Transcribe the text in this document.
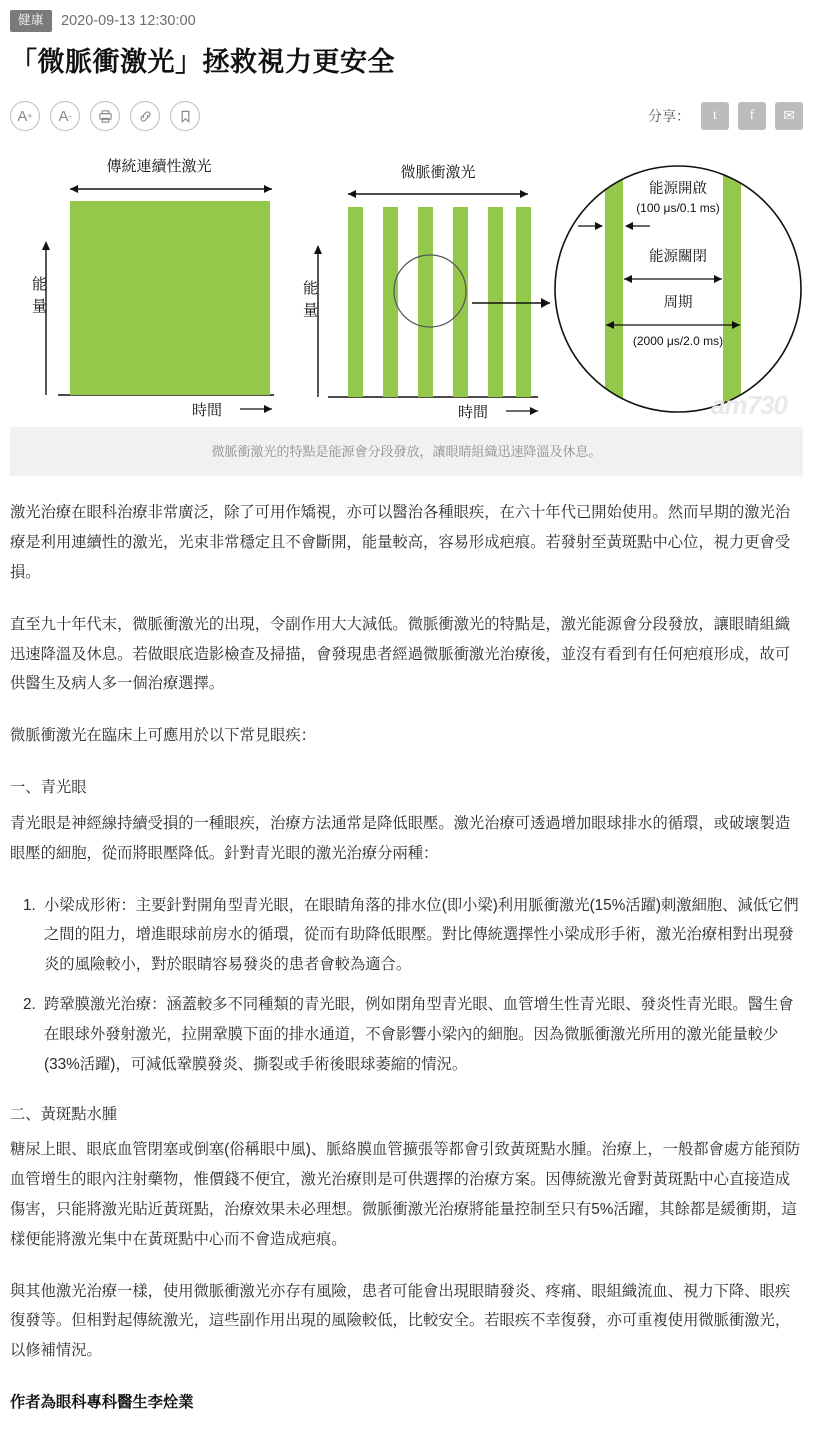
健康	2020-09-13 12:30:00
「微脈衝激光」拯救視力更安全
A + A -	分享：	t	f	✉
傳統連續性激光
能
量
時間
微脈衝激光
能
量
時間
能源開啟
(100 μs/0.1 ms)
能源關閉
周期
(2000 μs/2.0 ms)
am730
微脈衝激光的特點是能源會分段發放，讓眼睛組織迅速降溫及休息。

激光治療在眼科治療非常廣泛，除了可用作矯視，亦可以醫治各種眼疾，在六十年代已開始使用。然而早期的激光治療是利用連續性的激光，光束非常穩定且不會斷開，能量較高，容易形成疤痕。若發射至黃斑點中心位，視力更會受損。

直至九十年代末，微脈衝激光的出現，令副作用大大減低。微脈衝激光的特點是，激光能源會分段發放，讓眼睛組織迅速降溫及休息。若做眼底造影檢查及掃描，會發現患者經過微脈衝激光治療後，並沒有看到有任何疤痕形成，故可供醫生及病人多一個治療選擇。

微脈衝激光在臨床上可應用於以下常見眼疾：

一、青光眼

青光眼是神經線持續受損的一種眼疾，治療方法通常是降低眼壓。激光治療可透過增加眼球排水的循環，或破壞製造眼壓的細胞，從而將眼壓降低。針對青光眼的激光治療分兩種：

1. 小梁成形術：主要針對開角型青光眼，在眼睛角落的排水位(即小梁)利用脈衝激光(15%活躍)刺激細胞、減低它們之間的阻力，增進眼球前房水的循環，從而有助降低眼壓。對比傳統選擇性小梁成形手術，激光治療相對出現發炎的風險較小，對於眼睛容易發炎的患者會較為適合。
2. 跨鞏膜激光治療：涵蓋較多不同種類的青光眼，例如閉角型青光眼、血管增生性青光眼、發炎性青光眼。醫生會在眼球外發射激光，拉開鞏膜下面的排水通道，不會影響小梁內的細胞。因為微脈衝激光所用的激光能量較少(33%活躍)，可減低鞏膜發炎、撕裂或手術後眼球萎縮的情況。
二、黃斑點水腫

糖尿上眼、眼底血管閉塞或倒塞(俗稱眼中風)、脈絡膜血管擴張等都會引致黃斑點水腫。治療上，一般都會處方能預防血管增生的眼內注射藥物，惟價錢不便宜，激光治療則是可供選擇的治療方案。因傳統激光會對黃斑點中心直接造成傷害，只能將激光貼近黃斑點，治療效果未必理想。微脈衝激光治療將能量控制至只有5%活躍，其餘都是緩衝期，這樣便能將激光集中在黃斑點中心而不會造成疤痕。

與其他激光治療一樣，使用微脈衝激光亦存有風險，患者可能會出現眼睛發炎、疼痛、眼組織流血、視力下降、眼疾復發等。但相對起傳統激光，這些副作用出現的風險較低，比較安全。若眼疾不幸復發，亦可重複使用微脈衝激光，以修補情況。

作者為眼科專科醫生李烇業
